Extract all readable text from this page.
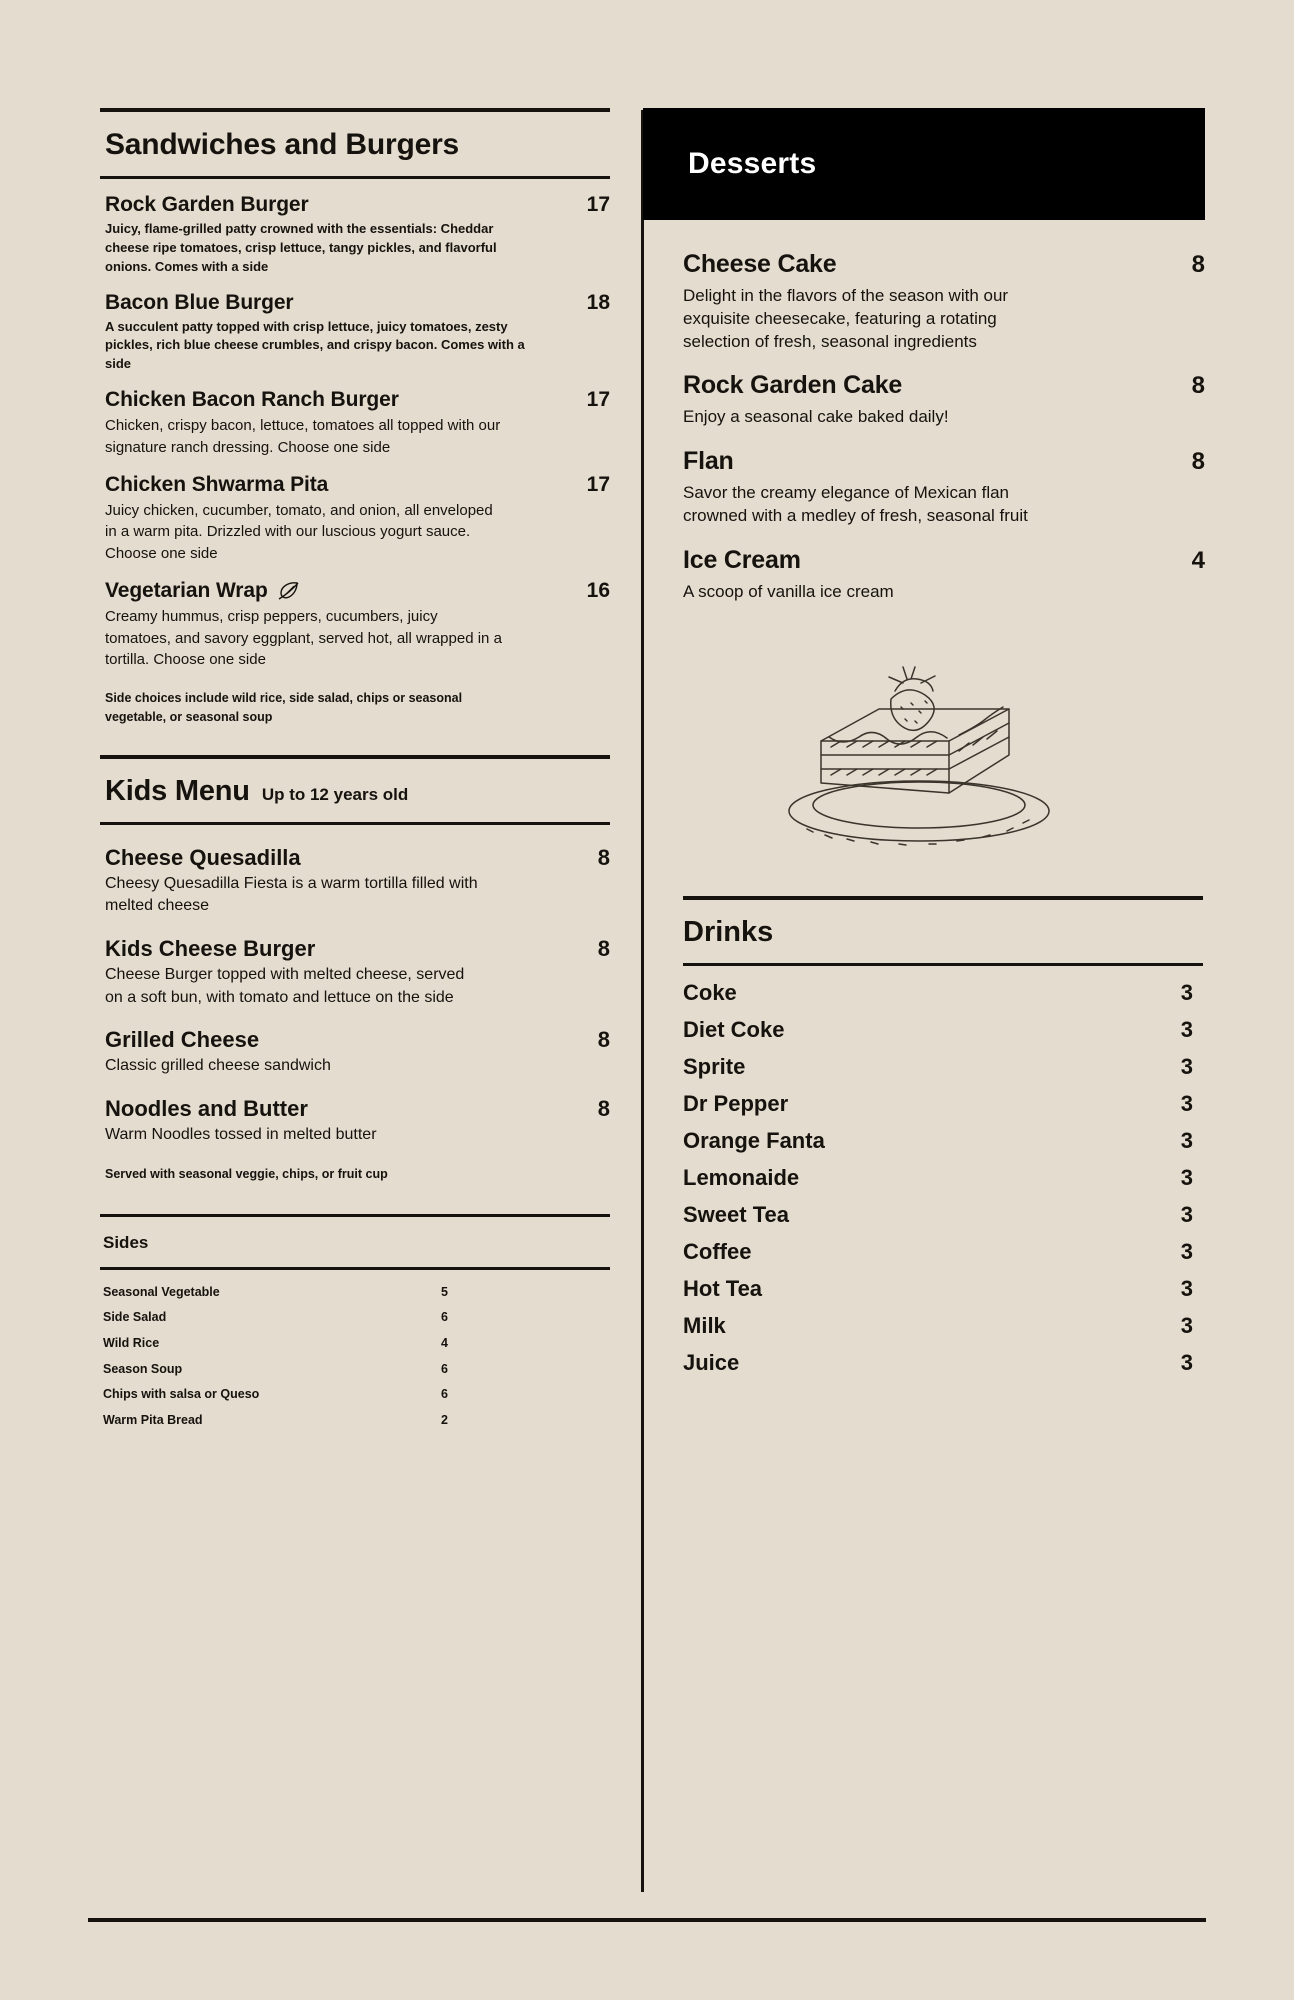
Sandwiches and Burgers
Rock Garden Burger	17
Juicy, flame-grilled patty crowned with the essentials: Cheddar cheese ripe tomatoes, crisp lettuce, tangy pickles, and flavorful onions. Comes with a side
Bacon Blue Burger	18
A succulent patty topped with crisp lettuce, juicy tomatoes, zesty pickles, rich blue cheese crumbles, and crispy bacon. Comes with a side
Chicken Bacon Ranch Burger	17
Chicken, crispy bacon, lettuce, tomatoes all topped with our signature ranch dressing. Choose one side
Chicken Shwarma Pita	17
Juicy chicken, cucumber, tomato, and onion, all enveloped in a warm pita. Drizzled with our luscious yogurt sauce. Choose one side
Vegetarian Wrap	16
Creamy hummus, crisp peppers, cucumbers, juicy tomatoes, and savory eggplant, served hot, all wrapped in a tortilla. Choose one side
Side choices include wild rice, side salad, chips or seasonal vegetable, or seasonal soup
Kids Menu Up to 12 years old
Cheese Quesadilla	8
Cheesy Quesadilla Fiesta is a warm tortilla filled with melted cheese
Kids Cheese Burger	8
Cheese Burger topped with melted cheese, served on a soft bun, with tomato and lettuce on the side
Grilled Cheese	8
Classic grilled cheese sandwich
Noodles and Butter	8
Warm Noodles tossed in melted butter
Served with seasonal veggie, chips, or fruit cup
Sides
Seasonal Vegetable	5
Side Salad	6
Wild Rice	4
Season Soup	6
Chips with salsa or Queso	6
Warm Pita Bread	2
Desserts
Cheese Cake	8
Delight in the flavors of the season with our exquisite cheesecake, featuring a rotating selection of fresh, seasonal ingredients
Rock Garden Cake	8
Enjoy a seasonal cake baked daily!
Flan	8
Savor the creamy elegance of Mexican flan crowned with a medley of fresh, seasonal fruit
Ice Cream	4
A scoop of vanilla ice cream
Drinks
Coke	3
Diet Coke	3
Sprite	3
Dr Pepper	3
Orange Fanta	3
Lemonaide	3
Sweet Tea	3
Coffee	3
Hot Tea	3
Milk	3
Juice	3
